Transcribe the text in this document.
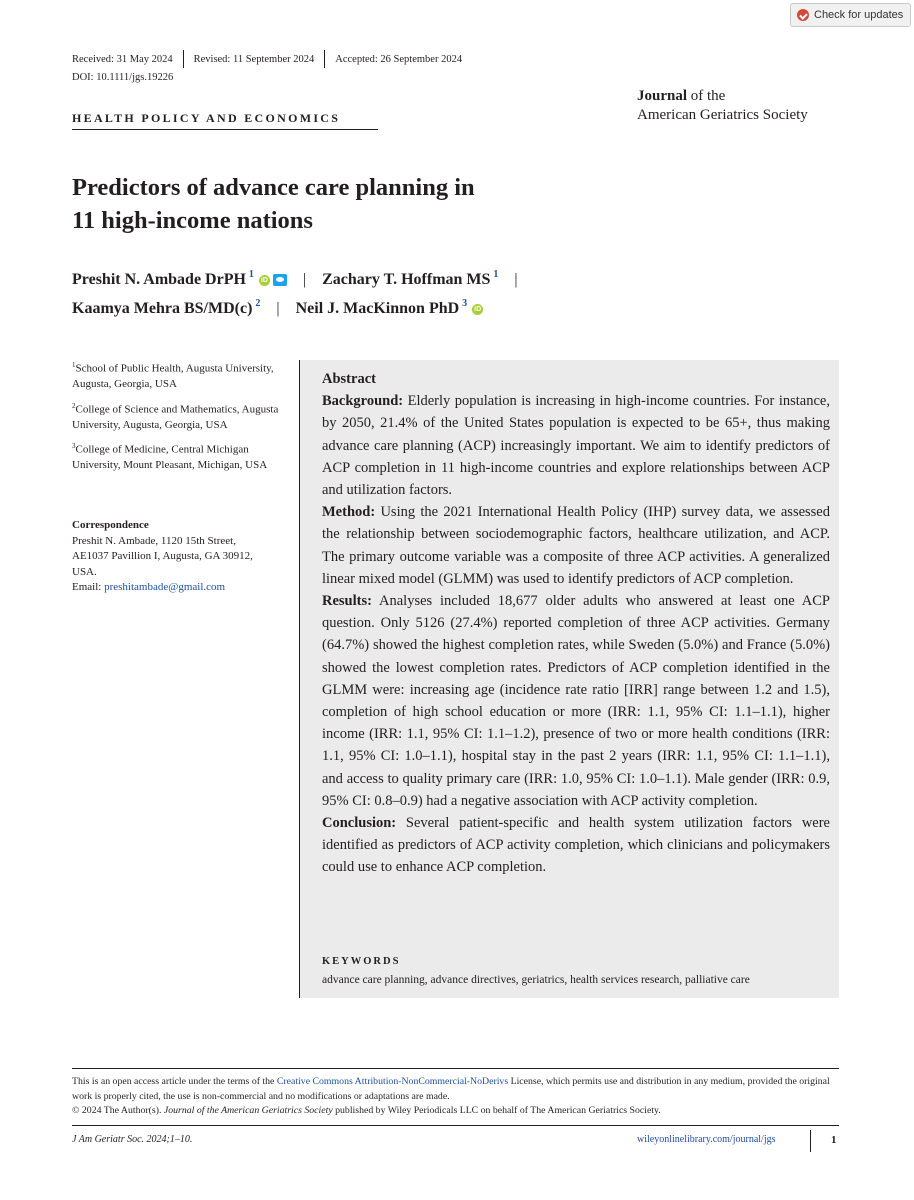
Check for updates
Received: 31 May 2024 Revised: 11 September 2024 Accepted: 26 September 2024
DOI: 10.1111/jgs.19226
HEALTH POLICY AND ECONOMICS
Journal of the
American Geriatrics Society
Predictors of advance care planning in
11 high-income nations
Preshit N. Ambade DrPH $^1$
iD | Zachary T. Hoffman MS $^1$ |
Kaamya Mehra BS/MD(c) $^2$ | Neil J. MacKinnon PhD $^3$
iD

$^1$School of Public Health, Augusta University, Augusta, Georgia, USA

$^2$College of Science and Mathematics, Augusta University, Augusta, Georgia, USA

$^3$College of Medicine, Central Michigan University, Mount Pleasant, Michigan, USA

Correspondence
Preshit N. Ambade, 1120 15th Street,
AE1037 Pavillion I, Augusta, GA 30912,
USA.
Email: preshitambade@gmail.com

Abstract

Background: Elderly population is increasing in high-income countries. For instance, by 2050, 21.4% of the United States population is expected to be 65+, thus making advance care planning (ACP) increasingly important. We aim to identify predictors of ACP completion in 11 high-income countries and explore relationships between ACP and utilization factors.

Method: Using the 2021 International Health Policy (IHP) survey data, we assessed the relationship between sociodemographic factors, healthcare utilization, and ACP. The primary outcome variable was a composite of three ACP activities. A generalized linear mixed model (GLMM) was used to identify predictors of ACP completion.

Results: Analyses included 18,677 older adults who answered at least one ACP question. Only 5126 (27.4%) reported completion of three ACP activities. Germany (64.7%) showed the highest completion rates, while Sweden (5.0%) and France (5.0%) showed the lowest completion rates. Predictors of ACP completion identified in the GLMM were: increasing age (incidence rate ratio [IRR] range between 1.2 and 1.5), completion of high school education or more (IRR: 1.1, 95% CI: 1.1–1.1), higher income (IRR: 1.1, 95% CI: 1.1–1.2), presence of two or more health conditions (IRR: 1.1, 95% CI: 1.0–1.1), hospital stay in the past 2 years (IRR: 1.1, 95% CI: 1.1–1.1), and access to quality primary care (IRR: 1.0, 95% CI: 1.0–1.1). Male gender (IRR: 0.9, 95% CI: 0.8–0.9) had a negative association with ACP activity completion.

Conclusion: Several patient-specific and health system utilization factors were identified as predictors of ACP activity completion, which clinicians and policymakers could use to enhance ACP completion.

KEYWORDS
advance care planning, advance directives, geriatrics, health services research, palliative care
This is an open access article under the terms of the Creative Commons Attribution-NonCommercial-NoDerivs License, which permits use and distribution in any medium, provided the original work is properly cited, the use is non-commercial and no modifications or adaptations are made.
© 2024 The Author(s). Journal of the American Geriatrics Society published by Wiley Periodicals LLC on behalf of The American Geriatrics Society.
J Am Geriatr Soc. 2024;1–10.	wileyonlinelibrary.com/journal/jgs	1
